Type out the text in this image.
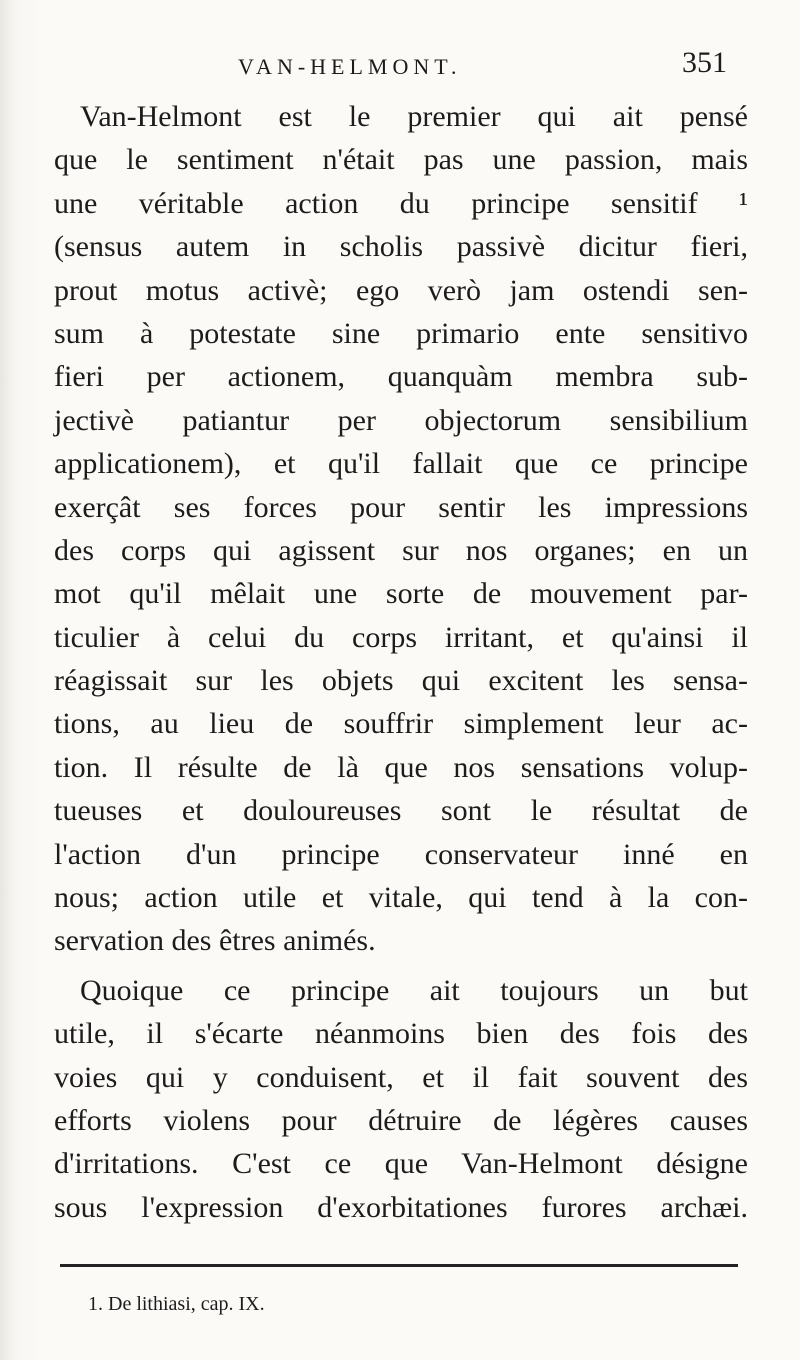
VAN-HELMONT.	351
Van-Helmont est le premier qui ait pensé
que le sentiment n'était pas une passion, mais
une véritable action du principe sensitif ¹
(sensus autem in scholis passivè dicitur fieri,
prout motus activè; ego verò jam ostendi sen-
sum à potestate sine primario ente sensitivo
fieri per actionem, quanquàm membra sub-
jectivè patiantur per objectorum sensibilium
applicationem), et qu'il fallait que ce principe
exerçât ses forces pour sentir les impressions
des corps qui agissent sur nos organes; en un
mot qu'il mêlait une sorte de mouvement par-
ticulier à celui du corps irritant, et qu'ainsi il
réagissait sur les objets qui excitent les sensa-
tions, au lieu de souffrir simplement leur ac-
tion. Il résulte de là que nos sensations volup-
tueuses et douloureuses sont le résultat de
l'action d'un principe conservateur inné en
nous; action utile et vitale, qui tend à la con-
servation des êtres animés.
Quoique ce principe ait toujours un but
utile, il s'écarte néanmoins bien des fois des
voies qui y conduisent, et il fait souvent des
efforts violens pour détruire de légères causes
d'irritations. C'est ce que Van-Helmont désigne
sous l'expression d'exorbitationes furores archæi.
1. De lithiasi, cap. IX.
